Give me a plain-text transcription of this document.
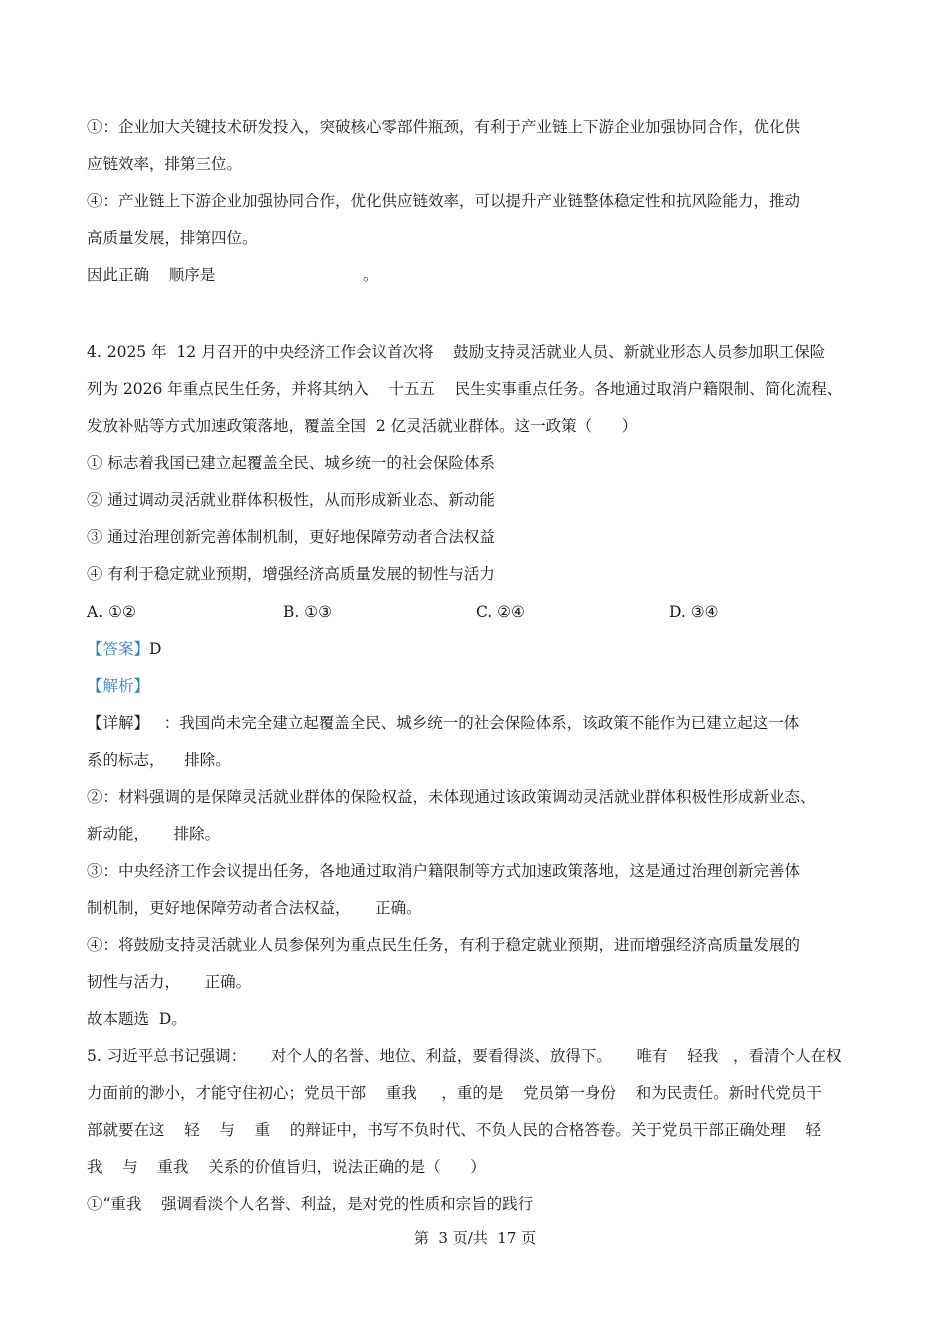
①：企业加大关键技术研发投入，突破核心零部件瓶颈，有利于产业链上下游企业加强协同合作，优化供

应链效率，排第三位。

④：产业链上下游企业加强协同合作，优化供应链效率，可以提升产业链整体稳定性和抗风险能力，推动

高质量发展，排第四位。

因此正确    顺序是                              。

4. 2025 年  12 月召开的中央经济工作会议首次将    鼓励支持灵活就业人员、新就业形态人员参加职工保险

列为 2026 年重点民生任务，并将其纳入    十五五    民生实事重点任务。各地通过取消户籍限制、简化流程、

发放补贴等方式加速政策落地，覆盖全国  2 亿灵活就业群体。这一政策（      ）

① 标志着我国已建立起覆盖全民、城乡统一的社会保险体系

② 通过调动灵活就业群体积极性，从而形成新业态、新动能

③ 通过治理创新完善体制机制，更好地保障劳动者合法权益

④ 有利于稳定就业预期，增强经济高质量发展的韧性与活力

A. ①②	B. ①③	C. ②④	D. ③④

【答案】D

【解析】

【详解】   ：我国尚未完全建立起覆盖全民、城乡统一的社会保险体系，该政策不能作为已建立起这一体

系的标志，    排除。

②：材料强调的是保障灵活就业群体的保险权益，未体现通过该政策调动灵活就业群体积极性形成新业态、

新动能，     排除。

③：中央经济工作会议提出任务，各地通过取消户籍限制等方式加速政策落地，这是通过治理创新完善体

制机制，更好地保障劳动者合法权益，     正确。

④：将鼓励支持灵活就业人员参保列为重点民生任务，有利于稳定就业预期，进而增强经济高质量发展的

韧性与活力，     正确。

故本题选  D。

5. 习近平总书记强调：     对个人的名誉、地位、利益，要看得淡、放得下。     唯有    轻我   ，看清个人在权

力面前的渺小，才能守住初心；党员干部    重我     ，重的是    党员第一身份    和为民责任。新时代党员干

部就要在这    轻    与    重    的辩证中，书写不负时代、不负人民的合格答卷。关于党员干部正确处理    轻

我    与    重我    关系的价值旨归，说法正确的是（      ）

①“重我    强调看淡个人名誉、利益，是对党的性质和宗旨的践行

第  3 页/共  17 页
